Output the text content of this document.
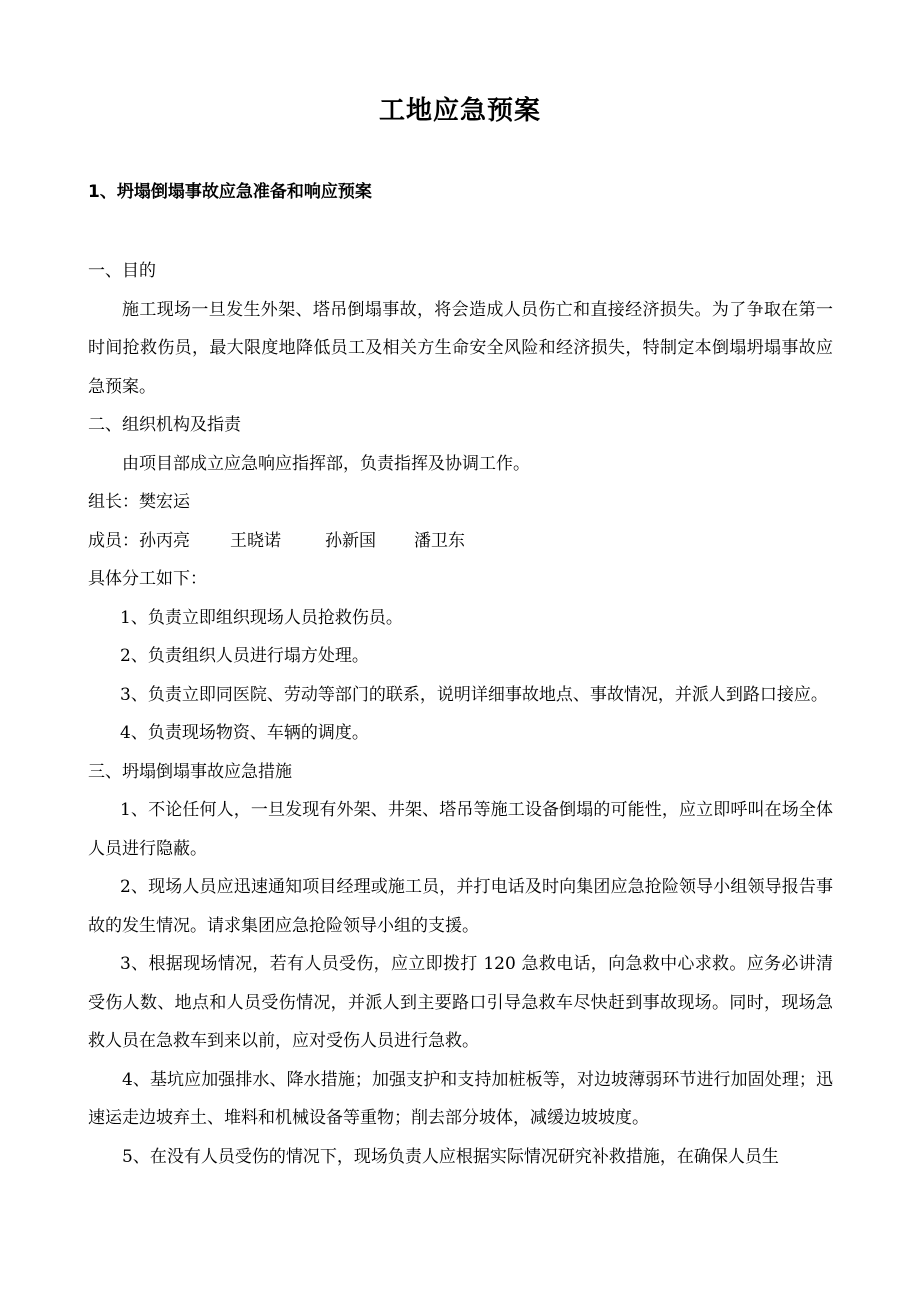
工地应急预案
1、坍塌倒塌事故应急准备和响应预案

一、目的

施工现场一旦发生外架、塔吊倒塌事故，将会造成人员伤亡和直接经济损失。为了争取在第一时间抢救伤员，最大限度地降低员工及相关方生命安全风险和经济损失，特制定本倒塌坍塌事故应急预案。

二、组织机构及指责

由项目部成立应急响应指挥部，负责指挥及协调工作。

组长：樊宏运

成员：孙丙亮 王晓诺	孙新国 潘卫东

具体分工如下：

1、负责立即组织现场人员抢救伤员。

2、负责组织人员进行塌方处理。

3、负责立即同医院、劳动等部门的联系，说明详细事故地点、事故情况，并派人到路口接应。

4、负责现场物资、车辆的调度。

三、坍塌倒塌事故应急措施

1、不论任何人，一旦发现有外架、井架、塔吊等施工设备倒塌的可能性，应立即呼叫在场全体人员进行隐蔽。

2、现场人员应迅速通知项目经理或施工员，并打电话及时向集团应急抢险领导小组领导报告事故的发生情况。请求集团应急抢险领导小组的支援。

3、根据现场情况，若有人员受伤，应立即拨打 120 急救电话，向急救中心求救。应务必讲清受伤人数、地点和人员受伤情况，并派人到主要路口引导急救车尽快赶到事故现场。同时，现场急救人员在急救车到来以前，应对受伤人员进行急救。

4、基坑应加强排水、降水措施；加强支护和支持加桩板等，对边坡薄弱环节进行加固处理；迅速运走边坡弃土、堆料和机械设备等重物；削去部分坡体，减缓边坡坡度。

5、在没有人员受伤的情况下，现场负责人应根据实际情况研究补救措施，在确保人员生
